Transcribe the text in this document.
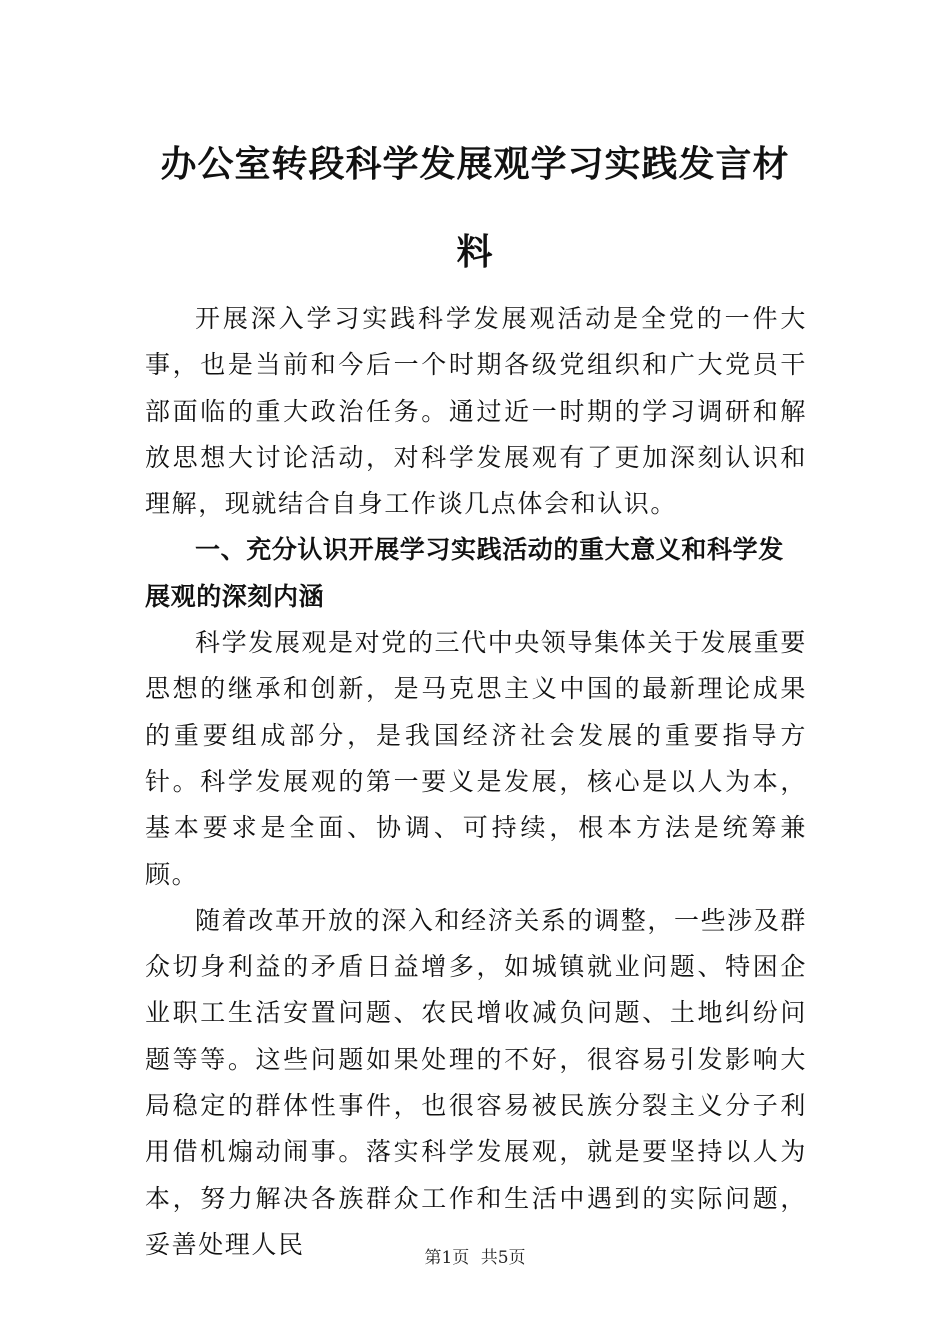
办公室转段科学发展观学习实践发言材
料

开展深入学习实践科学发展观活动是全党的一件大事，也是当前和今后一个时期各级党组织和广大党员干部面临的重大政治任务。通过近一时期的学习调研和解放思想大讨论活动，对科学发展观有了更加深刻认识和理解，现就结合自身工作谈几点体会和认识。

一、充分认识开展学习实践活动的重大意义和科学发展观的深刻内涵

科学发展观是对党的三代中央领导集体关于发展重要思想的继承和创新，是马克思主义中国的最新理论成果的重要组成部分，是我国经济社会发展的重要指导方针。科学发展观的第一要义是发展，核心是以人为本，基本要求是全面、协调、可持续，根本方法是统筹兼顾。

随着改革开放的深入和经济关系的调整，一些涉及群众切身利益的矛盾日益增多，如城镇就业问题、特困企业职工生活安置问题、农民增收减负问题、土地纠纷问题等等。这些问题如果处理的不好，很容易引发影响大局稳定的群体性事件，也很容易被民族分裂主义分子利用借机煽动闹事。落实科学发展观，就是要坚持以人为本，努力解决各族群众工作和生活中遇到的实际问题，妥善处理人民	第1页 共5页
